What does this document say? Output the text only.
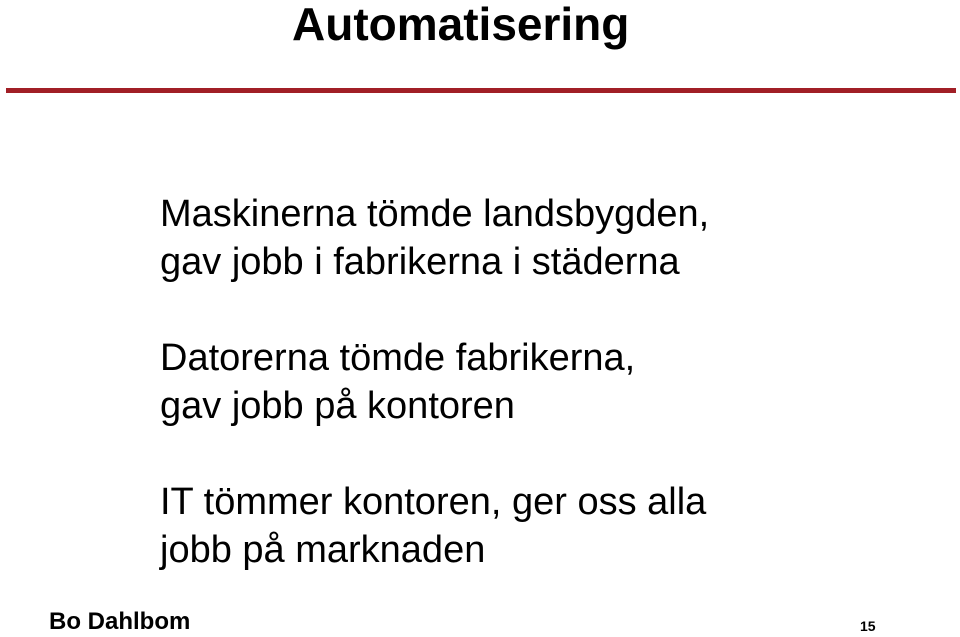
Automatisering
Maskinerna tömde landsbygden,
gav jobb i fabrikerna i städerna
Datorerna tömde fabrikerna,
gav jobb på kontoren
IT tömmer kontoren, ger oss alla
jobb på marknaden
Bo Dahlbom	15
